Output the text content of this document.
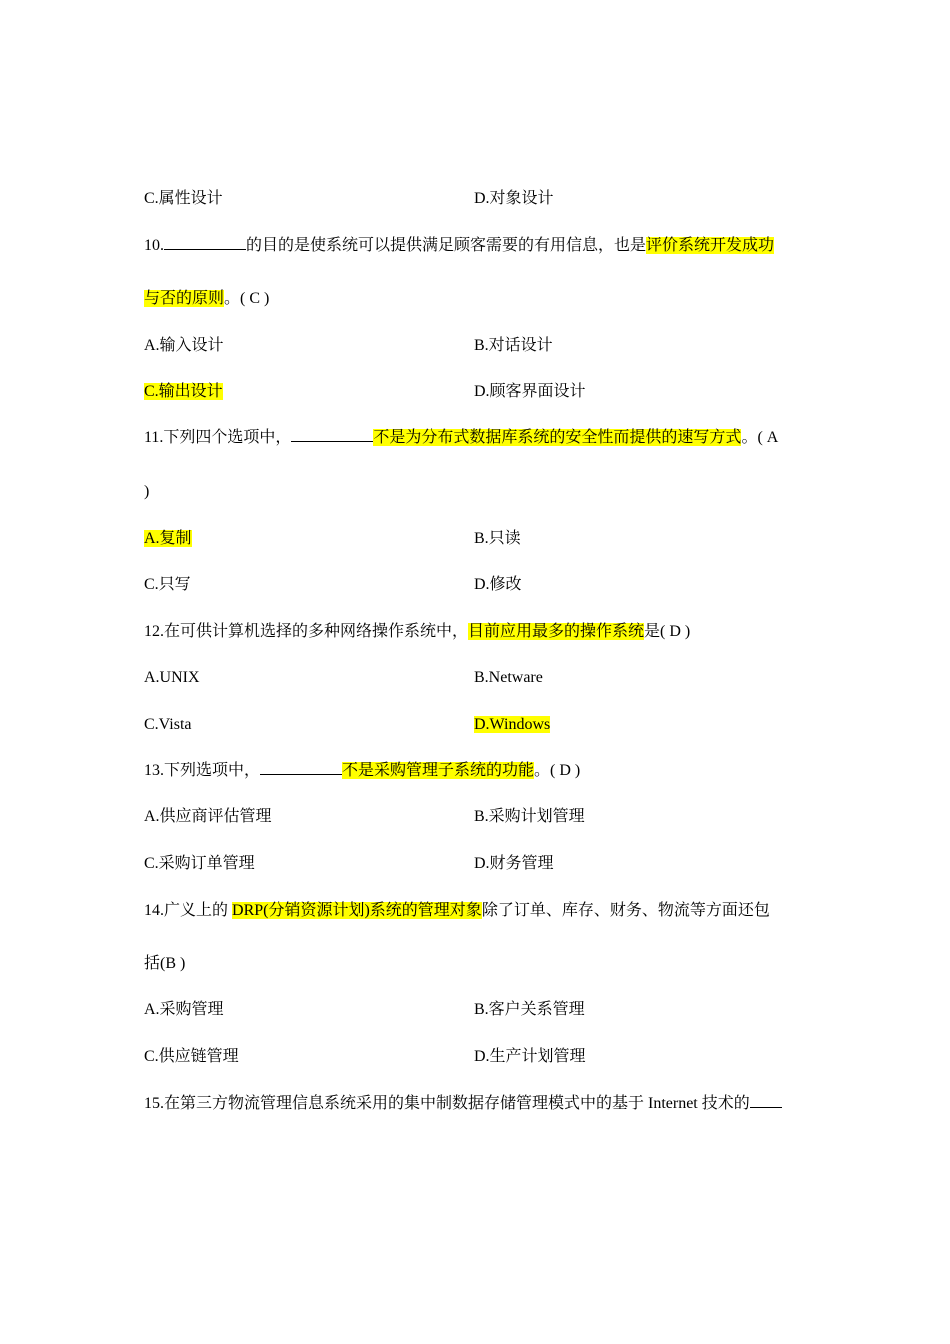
C.属性设计	D.对象设计
10.	的目的是使系统可以提供满足顾客需要的有用信息，也是评价系统开发成功
与否的原则。( C )
A.输入设计	B.对话设计
C.输出设计	D.顾客界面设计
11.下列四个选项中，	不是为分布式数据库系统的安全性而提供的速写方式。( A
)
A.复制	B.只读
C.只写	D.修改
12.在可供计算机选择的多种网络操作系统中，目前应用最多的操作系统是( D )
A.UNIX	B.Netware
C.Vista	D.Windows
13.下列选项中，	不是采购管理子系统的功能。( D )
A.供应商评估管理	B.采购计划管理
C.采购订单管理	D.财务管理
14.广义上的 DRP(分销资源计划)系统的管理对象除了订单、库存、财务、物流等方面还包
括(B )
A.采购管理	B.客户关系管理
C.供应链管理	D.生产计划管理
15.在第三方物流管理信息系统采用的集中制数据存储管理模式中的基于 Internet 技术的
